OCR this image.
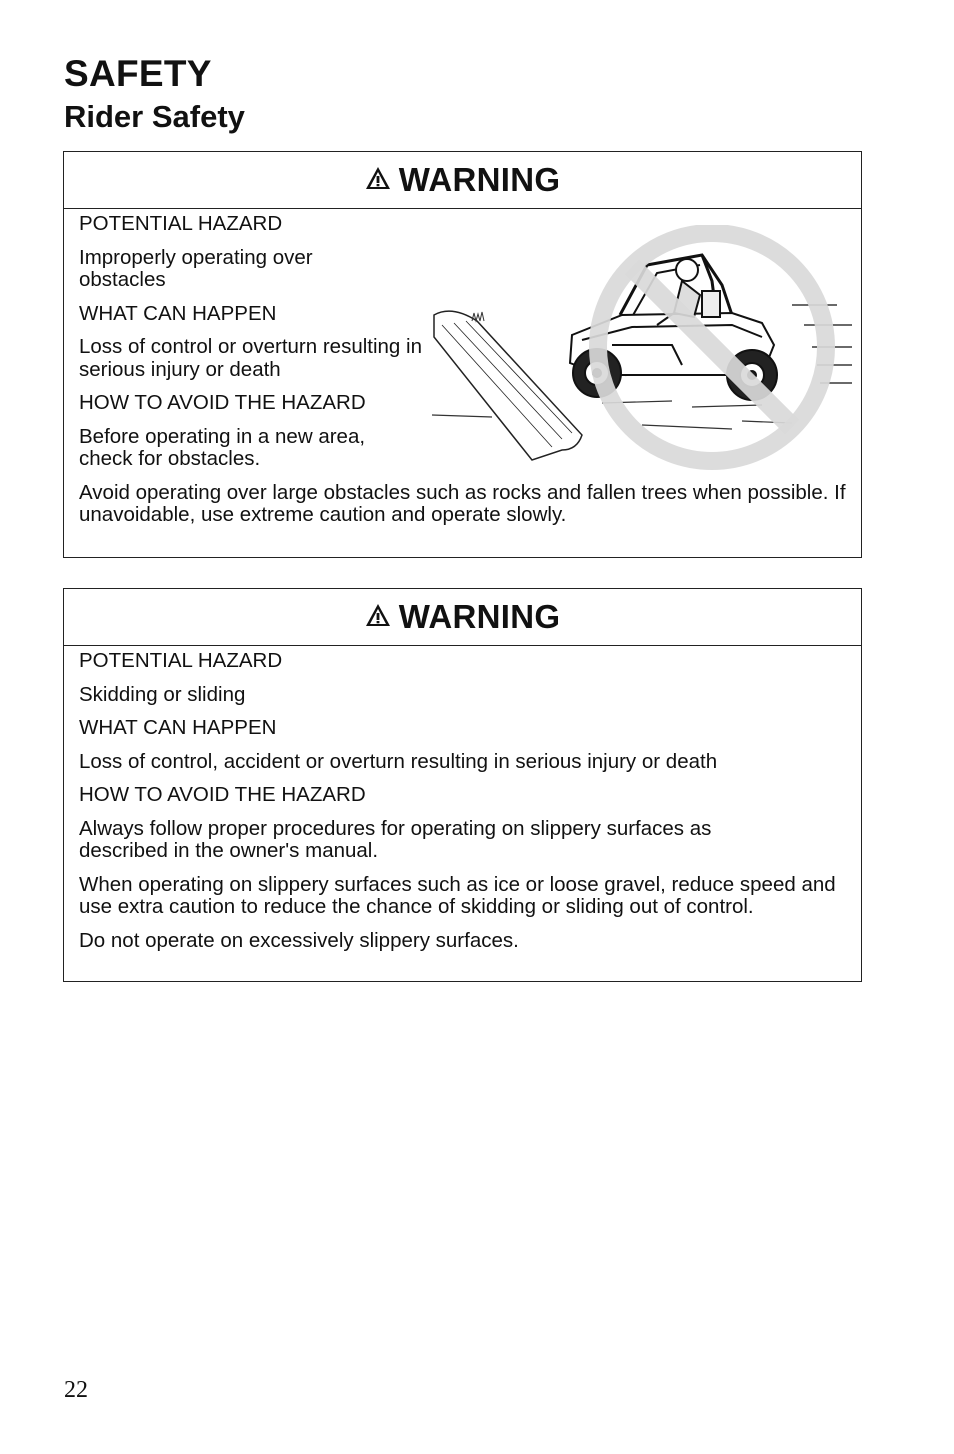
SAFETY
Rider Safety
WARNING

POTENTIAL HAZARD

Improperly operating over obstacles

WHAT CAN HAPPEN

Loss of control or overturn resulting in serious injury or death

HOW TO AVOID THE HAZARD

Before operating in a new area, check for obstacles.

Avoid operating over large obstacles such as rocks and fallen trees when possible. If unavoidable, use extreme caution and operate slowly.

WARNING

POTENTIAL HAZARD

Skidding or sliding

WHAT CAN HAPPEN

Loss of control, accident or overturn resulting in serious injury or death

HOW TO AVOID THE HAZARD

Always follow proper procedures for operating on slippery surfaces as described in the owner's manual.

When operating on slippery surfaces such as ice or loose gravel, reduce speed and use extra caution to reduce the chance of skidding or sliding out of control.

Do not operate on excessively slippery surfaces.

22
